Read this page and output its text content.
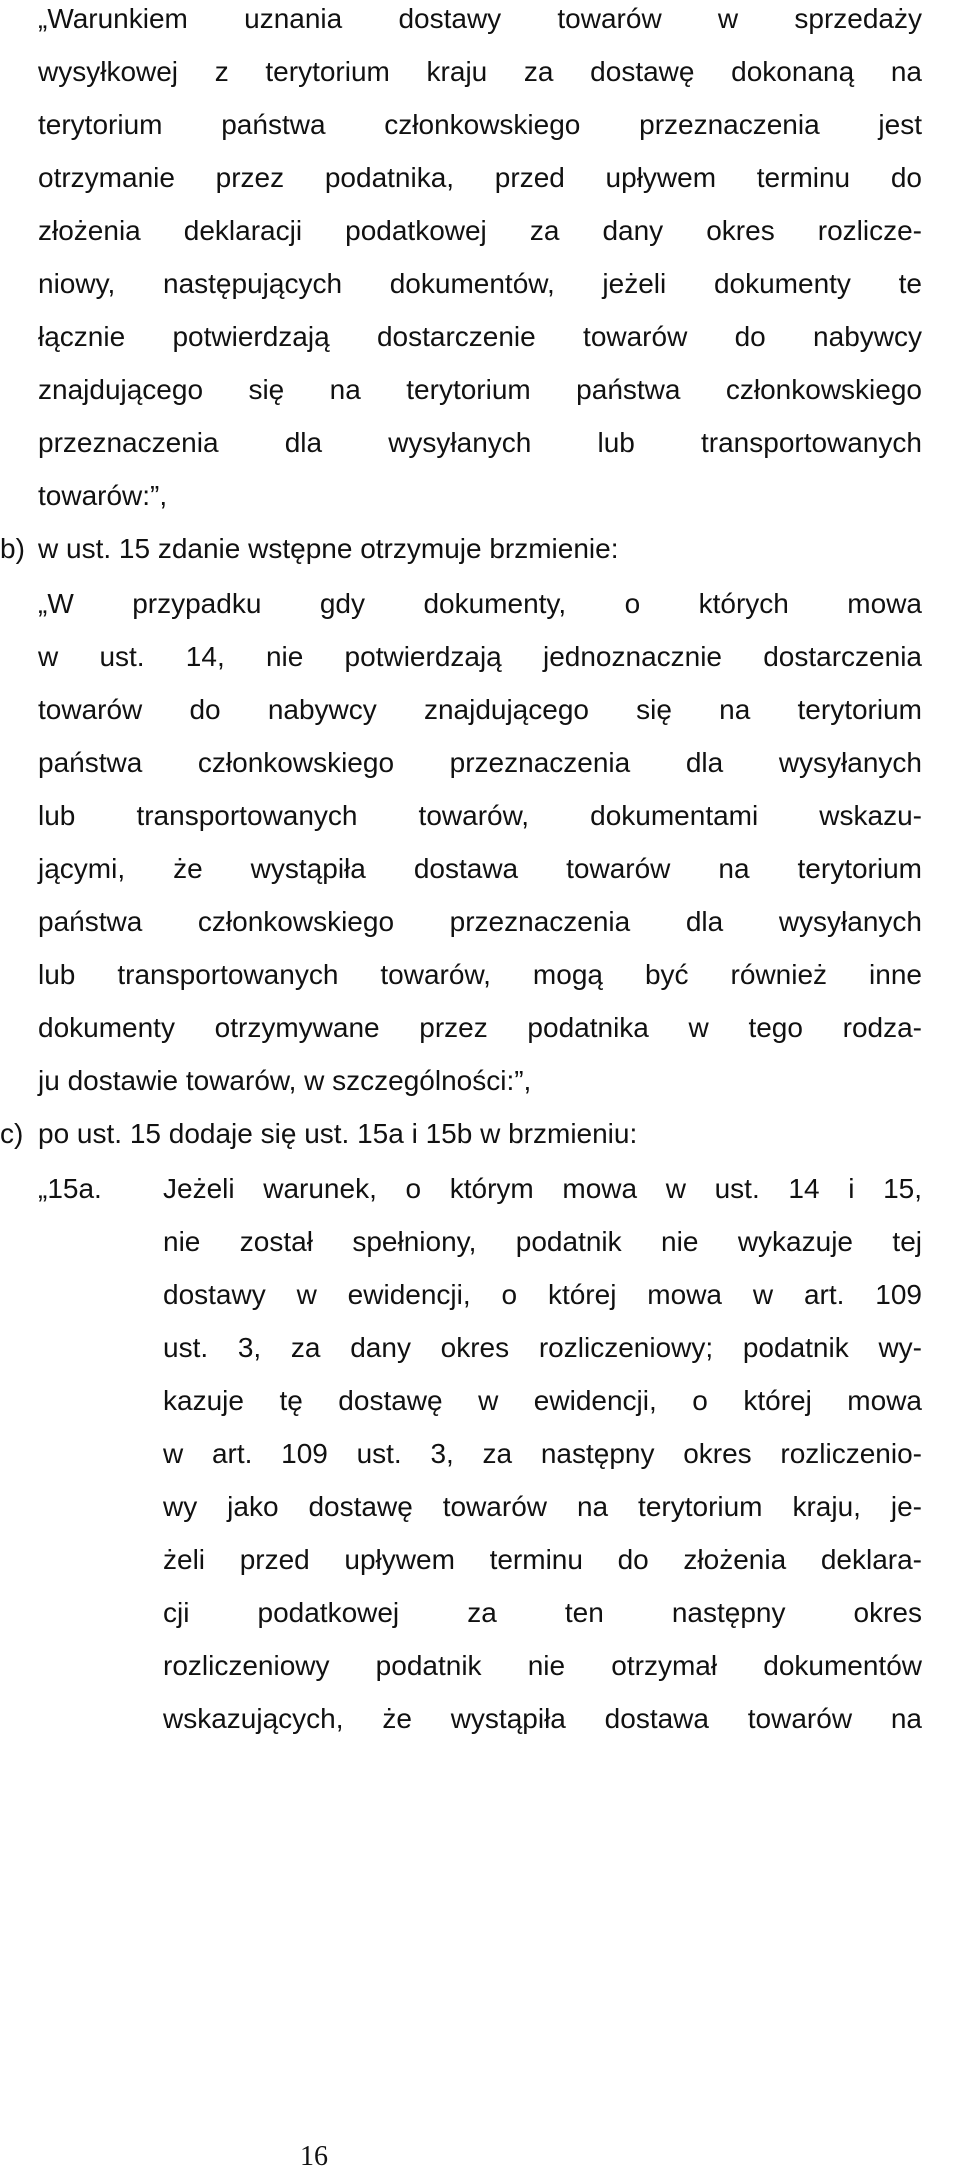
„Warunkiem uznania dostawy towarów w sprzedaży
wysyłkowej z terytorium kraju za dostawę dokonaną na
terytorium państwa członkowskiego przeznaczenia jest
otrzymanie przez podatnika, przed upływem terminu do
złożenia deklaracji podatkowej za dany okres rozlicze-
niowy, następujących dokumentów, jeżeli dokumenty te
łącznie potwierdzają dostarczenie towarów do nabywcy
znajdującego się na terytorium państwa członkowskiego
przeznaczenia dla wysyłanych lub transportowanych
towarów:”,
b) w ust. 15 zdanie wstępne otrzymuje brzmienie:
„W przypadku gdy dokumenty, o których mowa
w ust. 14, nie potwierdzają jednoznacznie dostarczenia
towarów do nabywcy znajdującego się na terytorium
państwa członkowskiego przeznaczenia dla wysyłanych
lub transportowanych towarów, dokumentami wskazu-
jącymi, że wystąpiła dostawa towarów na terytorium
państwa członkowskiego przeznaczenia dla wysyłanych
lub transportowanych towarów, mogą być również inne
dokumenty otrzymywane przez podatnika w tego rodza-
ju dostawie towarów, w szczególności:”,
c) po ust. 15 dodaje się ust. 15a i 15b w brzmieniu:
„15a. Jeżeli warunek, o którym mowa w ust. 14 i 15,
nie został spełniony, podatnik nie wykazuje tej
dostawy w ewidencji, o której mowa w art. 109
ust. 3, za dany okres rozliczeniowy; podatnik wy-
kazuje tę dostawę w ewidencji, o której mowa
w art. 109 ust. 3, za następny okres rozliczenio-
wy jako dostawę towarów na terytorium kraju, je-
żeli przed upływem terminu do złożenia deklara-
cji podatkowej za ten następny okres
rozliczeniowy podatnik nie otrzymał dokumentów
wskazujących, że wystąpiła dostawa towarów na
16
